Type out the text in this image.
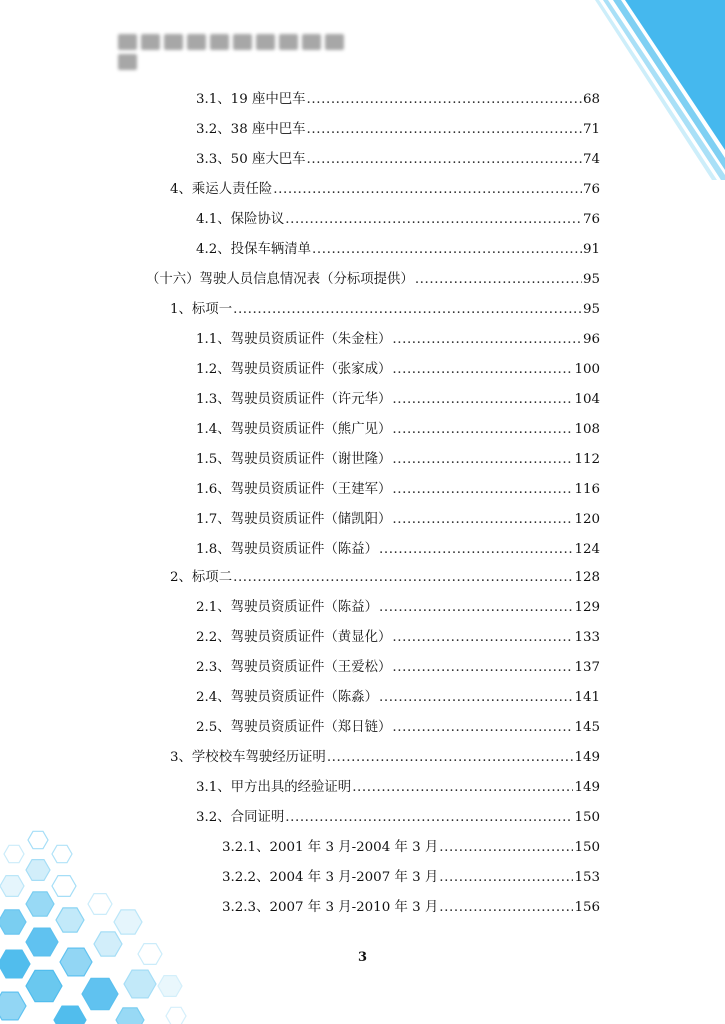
3.1、19 座中巴车 .....	68
3.2、38 座中巴车 .....	71
3.3、50 座大巴车 .....	74
4、乘运人责任险 .....	76
4.1、保险协议 .....	76
4.2、投保车辆清单 .....	91
（十六）驾驶人员信息情况表（分标项提供） .....	95
1、标项一 .....	95
1.1、驾驶员资质证件（朱金柱） .....	96
1.2、驾驶员资质证件（张家成） .....	100
1.3、驾驶员资质证件（许元华） .....	104
1.4、驾驶员资质证件（熊广见） .....	108
1.5、驾驶员资质证件（谢世隆） .....	112
1.6、驾驶员资质证件（王建军） .....	116
1.7、驾驶员资质证件（储凯阳） .....	120
1.8、驾驶员资质证件（陈益） .....	124
2、标项二 .....	128
2.1、驾驶员资质证件（陈益） .....	129
2.2、驾驶员资质证件（黄显化） .....	133
2.3、驾驶员资质证件（王爱松） .....	137
2.4、驾驶员资质证件（陈淼） .....	141
2.5、驾驶员资质证件（郑日链） .....	145
3、学校校车驾驶经历证明 .....	149
3.1、甲方出具的经验证明 .....	149
3.2、合同证明 .....	150
3.2.1、2001 年 3 月-2004 年 3 月 .....	150
3.2.2、2004 年 3 月-2007 年 3 月 .....	153
3.2.3、2007 年 3 月-2010 年 3 月 .....	156
3
